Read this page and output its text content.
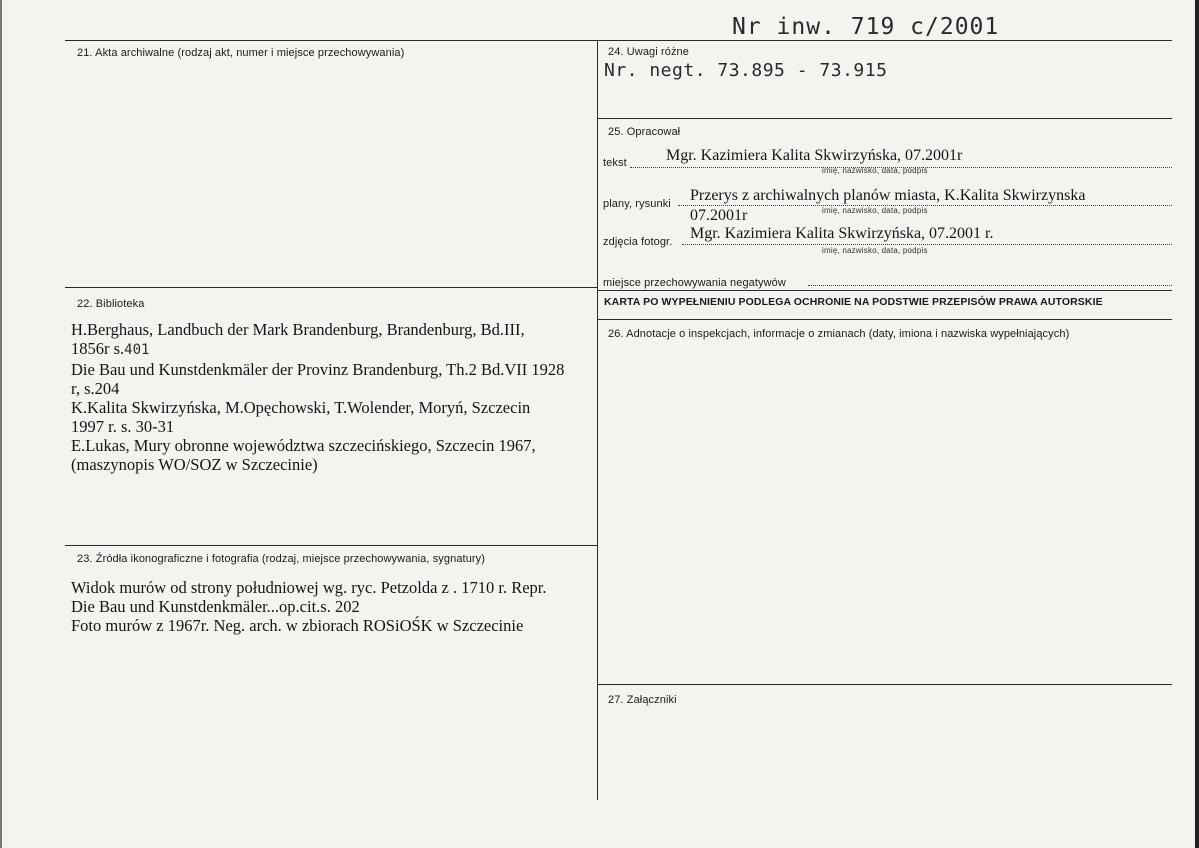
Nr inw. 719 c/2001
21. Akta archiwalne (rodzaj akt, numer i miejsce przechowywania)
22. Biblioteka
H.Berghaus, Landbuch der Mark Brandenburg, Brandenburg, Bd.III,
1856r s.401
Die Bau und Kunstdenkmäler der Provinz Brandenburg, Th.2 Bd.VII 1928
r, s.204
K.Kalita Skwirzyńska, M.Opęchowski, T.Wolender, Moryń, Szczecin
1997 r. s. 30-31
E.Lukas, Mury obronne województwa szczecińskiego, Szczecin 1967,
(maszynopis WO/SOZ w Szczecinie)
23. Źródła ikonograficzne i fotografia (rodzaj, miejsce przechowywania, sygnatury)
Widok murów od strony południowej wg. ryc. Petzolda z . 1710 r. Repr.
Die Bau und Kunstdenkmäler...op.cit.s. 202
Foto murów z 1967r. Neg. arch. w zbiorach ROSiOŚK w Szczecinie
24. Uwagi różne
Nr. negt. 73.895 - 73.915
25. Opracował
tekst Mgr. Kazimiera Kalita Skwirzyńska, 07.2001r
imię, nazwisko, data, podpis
plany, rysunki Przerys z archiwalnych planów miasta, K.Kalita Skwirzynska
07.2001r	imię, nazwisko, data, podpis
zdjęcia fotogr. Mgr. Kazimiera Kalita Skwirzyńska, 07.2001 r.
imię, nazwisko, data, podpis
miejsce przechowywania negatywów
KARTA PO WYPEŁNIENIU PODLEGA OCHRONIE NA PODSTWIE PRZEPISÓW PRAWA AUTORSKIE
26. Adnotacje o inspekcjach, informacje o zmianach (daty, imiona i nazwiska wypełniających)
27. Załączniki
